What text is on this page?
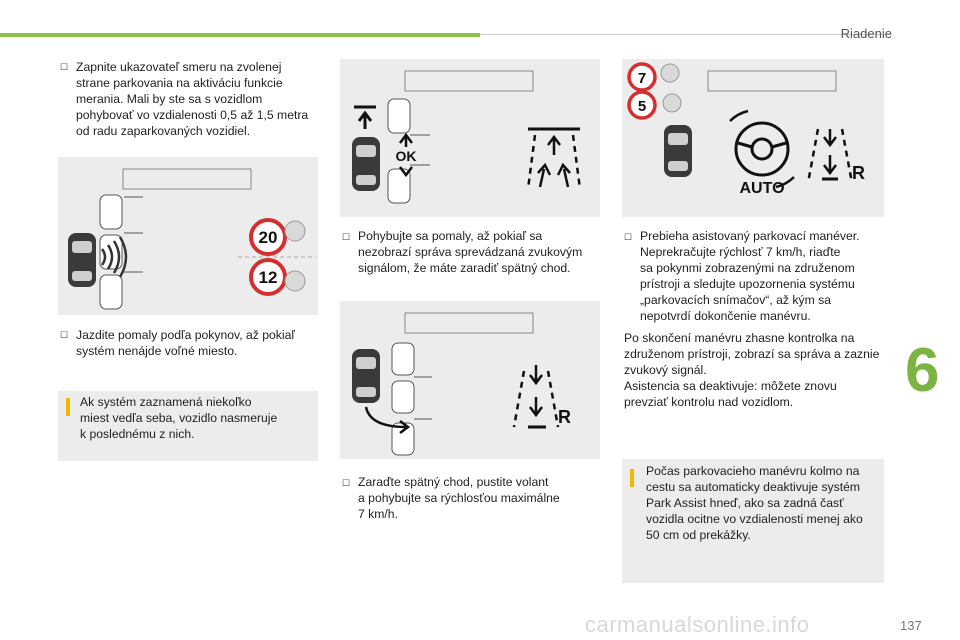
Riadenie
6
☐ Zapnite ukazovateľ smeru na zvolenej
strane parkovania na aktiváciu funkcie
merania. Mali by ste sa s vozidlom
pohybovať vo vzdialenosti 0,5 až 1,5 metra
od radu zaparkovaných vozidiel.
20
12
☐ Jazdite pomaly podľa pokynov, až pokiaľ
systém nenájde voľné miesto.
Ak systém zaznamená niekoľko
miest vedľa seba, vozidlo nasmeruje
k poslednému z nich.
OK
☐ Pohybujte sa pomaly, až pokiaľ sa
nezobrazí správa sprevádzaná zvukovým
signálom, že máte zaradiť spätný chod.
R
☐ Zaraďte spätný chod, pustite volant
a pohybujte sa rýchlosťou maximálne
7 km/h.
7
5
AUTO
R
☐ Prebieha asistovaný parkovací manéver.
Neprekračujte rýchlosť 7 km/h, riaďte
sa pokynmi zobrazenými na združenom
prístroji a sledujte upozornenia systému
„parkovacích snímačov“, až kým sa
nepotvrdí dokončenie manévru.
Po skončení manévru zhasne kontrolka na
združenom prístroji, zobrazí sa správa a zaznie
zvukový signál.
Asistencia sa deaktivuje: môžete znovu
prevziať kontrolu nad vozidlom.
Počas parkovacieho manévru kolmo na
cestu sa automaticky deaktivuje systém
Park Assist hneď, ako sa zadná časť
vozidla ocitne vo vzdialenosti menej ako
50 cm od prekážky.
carmanualsonline.info	137
